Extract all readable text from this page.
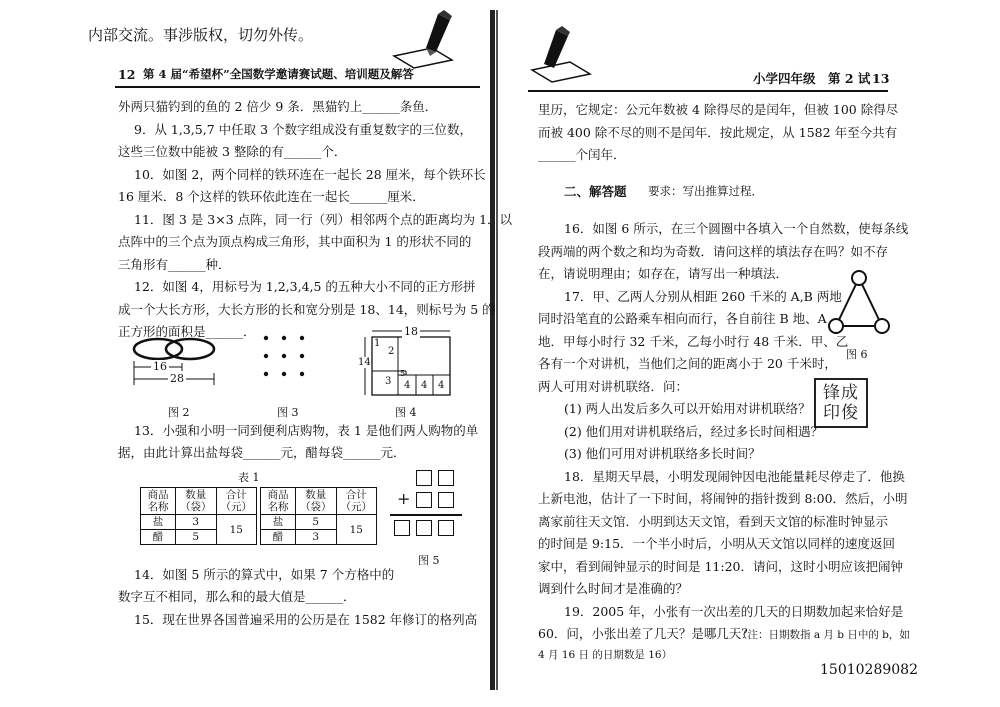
内部交流。事涉版权，切勿外传。
12 第 4 届“希望杯”全国数学邀请赛试题、培训题及解答	小学四年级 第 2 试 13
外两只猫钓到的鱼的 2 倍少 9 条．黑猫钓上______条鱼．
9．从 1,3,5,7 中任取 3 个数字组成没有重复数字的三位数，
这些三位数中能被 3 整除的有______个．
10．如图 2，两个同样的铁环连在一起长 28 厘米，每个铁环长
16 厘米．8 个这样的铁环依此连在一起长______厘米．
11．图 3 是 3×3 点阵，同一行（列）相邻两个点的距离均为 1．以
点阵中的三个点为顶点构成三角形，其中面积为 1 的形状不同的
三角形有______种．
12．如图 4，用标号为 1,2,3,4,5 的五种大小不同的正方形拼
成一个大长方形，大长方形的长和宽分别是 18、14，则标号为 5 的
正方形的面积是______．
16
28
图 2	图 3
18
14
1
2
3
5
4 4 4
图 4
13．小强和小明一同到便利店购物，表 1 是他们两人购物的单
据，由此计算出盐每袋______元，醋每袋______元．
表 1
商品名称	数量（袋）	合计（元）
盐	3	15
醋	5	
商品名称	数量（袋）	合计（元）
盐	5	15
醋	3	
+
图 5
14．如图 5 所示的算式中，如果 7 个方格中的
数字互不相同，那么和的最大值是______．
15．现在世界各国普遍采用的公历是在 1582 年修订的格列高
里历，它规定：公元年数被 4 除得尽的是闰年，但被 100 除得尽
而被 400 除不尽的则不是闰年．按此规定，从 1582 年至今共有
______个闰年．
二、解答题 要求：写出推算过程．
16．如图 6 所示，在三个圆圈中各填入一个自然数，使每条线
段两端的两个数之和均为奇数．请问这样的填法存在吗？如不存
在，请说明理由；如存在，请写出一种填法．
17．甲、乙两人分别从相距 260 千米的 A,B 两地
同时沿笔直的公路乘车相向而行，各自前往 B 地、A
地．甲每小时行 32 千米，乙每小时行 48 千米．甲、乙
各有一个对讲机，当他们之间的距离小于 20 千米时，
两人可用对讲机联络．问：
图 6
锋成印俊
(1) 两人出发后多久可以开始用对讲机联络？
(2) 他们用对讲机联络后，经过多长时间相遇？
(3) 他们可用对讲机联络多长时间？
18．星期天早晨，小明发现闹钟因电池能量耗尽停走了．他换
上新电池，估计了一下时间，将闹钟的指针拨到 8:00．然后，小明
离家前往天文馆．小明到达天文馆，看到天文馆的标准时钟显示
的时间是 9:15．一个半小时后，小明从天文馆以同样的速度返回
家中，看到闹钟显示的时间是 11:20．请问，这时小明应该把闹钟
调到什么时间才是准确的？
19．2005 年，小张有一次出差的几天的日期数加起来恰好是
60．问，小张出差了几天？是哪几天？
（注：日期数指 a 月 b 日中的 b，如
4 月 16 日 的日期数是 16）
15010289082
